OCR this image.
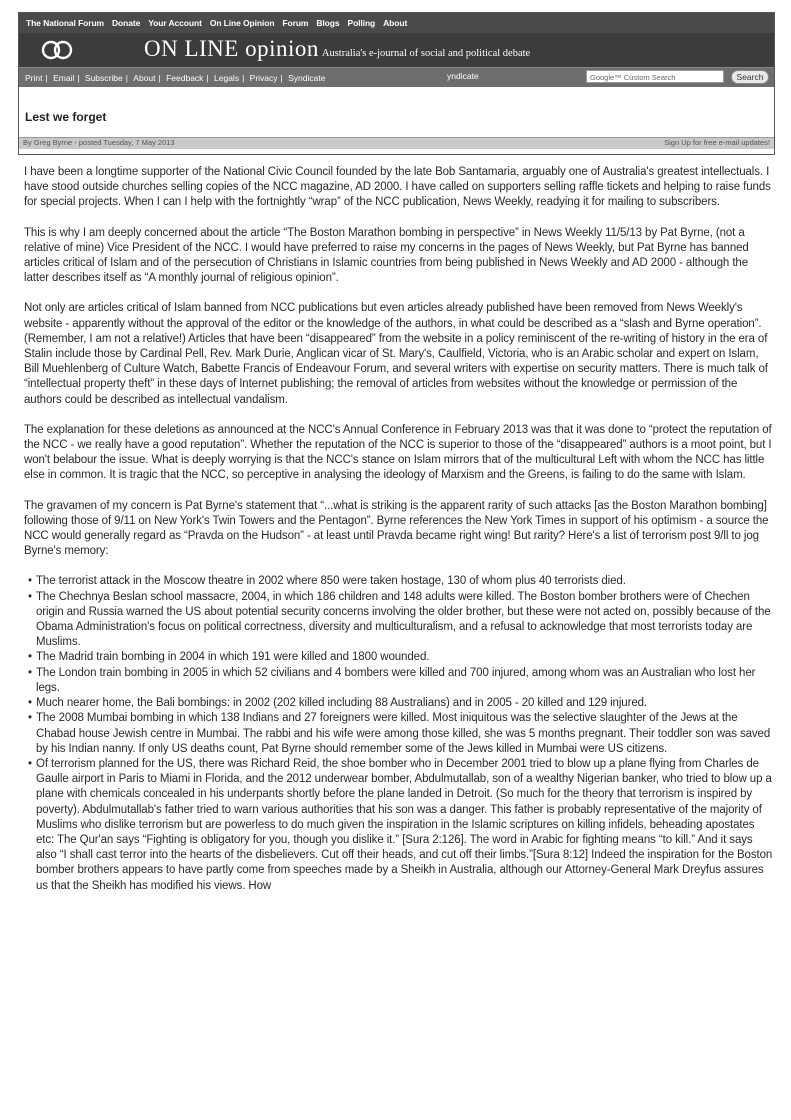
The National Forum Donate Your Account On Line Opinion Forum Blogs Polling About
ON LINE opinion Australia's e-journal of social and political debate
Print | Email | Subscribe | About | Feedback | Legals | Privacy | Syndicate	yndicate	Google™ Custom Search	Search
Lest we forget
By Greg Byrne - posted Tuesday, 7 May 2013	Sign Up for free e-mail updates!

I have been a longtime supporter of the National Civic Council founded by the late Bob Santamaria, arguably one of Australia's greatest intellectuals. I have stood outside churches selling copies of the NCC magazine, AD 2000. I have called on supporters selling raffle tickets and helping to raise funds for special projects. When I can I help with the fortnightly “wrap” of the NCC publication, News Weekly, readying it for mailing to subscribers.

This is why I am deeply concerned about the article “The Boston Marathon bombing in perspective” in News Weekly 11/5/13 by Pat Byrne, (not a relative of mine) Vice President of the NCC. I would have preferred to raise my concerns in the pages of News Weekly, but Pat Byrne has banned articles critical of Islam and of the persecution of Christians in Islamic countries from being published in News Weekly and AD 2000 - although the latter describes itself as “A monthly journal of religious opinion”.

Not only are articles critical of Islam banned from NCC publications but even articles already published have been removed from News Weekly's website - apparently without the approval of the editor or the knowledge of the authors, in what could be described as a “slash and Byrne operation”. (Remember, I am not a relative!) Articles that have been “disappeared” from the website in a policy reminiscent of the re-writing of history in the era of Stalin include those by Cardinal Pell, Rev. Mark Durie, Anglican vicar of St. Mary's, Caulfield, Victoria, who is an Arabic scholar and expert on Islam, Bill Muehlenberg of Culture Watch, Babette Francis of Endeavour Forum, and several writers with expertise on security matters. There is much talk of “intellectual property theft” in these days of Internet publishing; the removal of articles from websites without the knowledge or permission of the authors could be described as intellectual vandalism.

The explanation for these deletions as announced at the NCC's Annual Conference in February 2013 was that it was done to “protect the reputation of the NCC - we really have a good reputation”. Whether the reputation of the NCC is superior to those of the “disappeared” authors is a moot point, but I won't belabour the issue. What is deeply worrying is that the NCC's stance on Islam mirrors that of the multicultural Left with whom the NCC has little else in common. It is tragic that the NCC, so perceptive in analysing the ideology of Marxism and the Greens, is failing to do the same with Islam.

The gravamen of my concern is Pat Byrne's statement that “...what is striking is the apparent rarity of such attacks [as the Boston Marathon bombing] following those of 9/11 on New York's Twin Towers and the Pentagon”. Byrne references the New York Times in support of his optimism - a source the NCC would generally regard as “Pravda on the Hudson” - at least until Pravda became right wing! But rarity? Here's a list of terrorism post 9/ll to jog Byrne's memory:

• The terrorist attack in the Moscow theatre in 2002 where 850 were taken hostage, 130 of whom plus 40 terrorists died.
• The Chechnya Beslan school massacre, 2004, in which 186 children and 148 adults were killed. The Boston bomber brothers were of Chechen origin and Russia warned the US about potential security concerns involving the older brother, but these were not acted on, possibly because of the Obama Administration's focus on political correctness, diversity and multiculturalism, and a refusal to acknowledge that most terrorists today are Muslims.
• The Madrid train bombing in 2004 in which 191 were killed and 1800 wounded.
• The London train bombing in 2005 in which 52 civilians and 4 bombers were killed and 700 injured, among whom was an Australian who lost her legs.
• Much nearer home, the Bali bombings: in 2002 (202 killed including 88 Australians) and in 2005 - 20 killed and 129 injured.
• The 2008 Mumbai bombing in which 138 Indians and 27 foreigners were killed. Most iniquitous was the selective slaughter of the Jews at the Chabad house Jewish centre in Mumbai. The rabbi and his wife were among those killed, she was 5 months pregnant. Their toddler son was saved by his Indian nanny. If only US deaths count, Pat Byrne should remember some of the Jews killed in Mumbai were US citizens.
• Of terrorism planned for the US, there was Richard Reid, the shoe bomber who in December 2001 tried to blow up a plane flying from Charles de Gaulle airport in Paris to Miami in Florida, and the 2012 underwear bomber, Abdulmutallab, son of a wealthy Nigerian banker, who tried to blow up a plane with chemicals concealed in his underpants shortly before the plane landed in Detroit. (So much for the theory that terrorism is inspired by poverty). Abdulmutallab's father tried to warn various authorities that his son was a danger. This father is probably representative of the majority of Muslims who dislike terrorism but are powerless to do much given the inspiration in the Islamic scriptures on killing infidels, beheading apostates etc: The Qur'an says “Fighting is obligatory for you, though you dislike it.” [Sura 2:126]. The word in Arabic for fighting means “to kill.” And it says also “I shall cast terror into the hearts of the disbelievers. Cut off their heads, and cut off their limbs.”[Sura 8:12] Indeed the inspiration for the Boston bomber brothers appears to have partly come from speeches made by a Sheikh in Australia, although our Attorney-General Mark Dreyfus assures us that the Sheikh has modified his views. How
